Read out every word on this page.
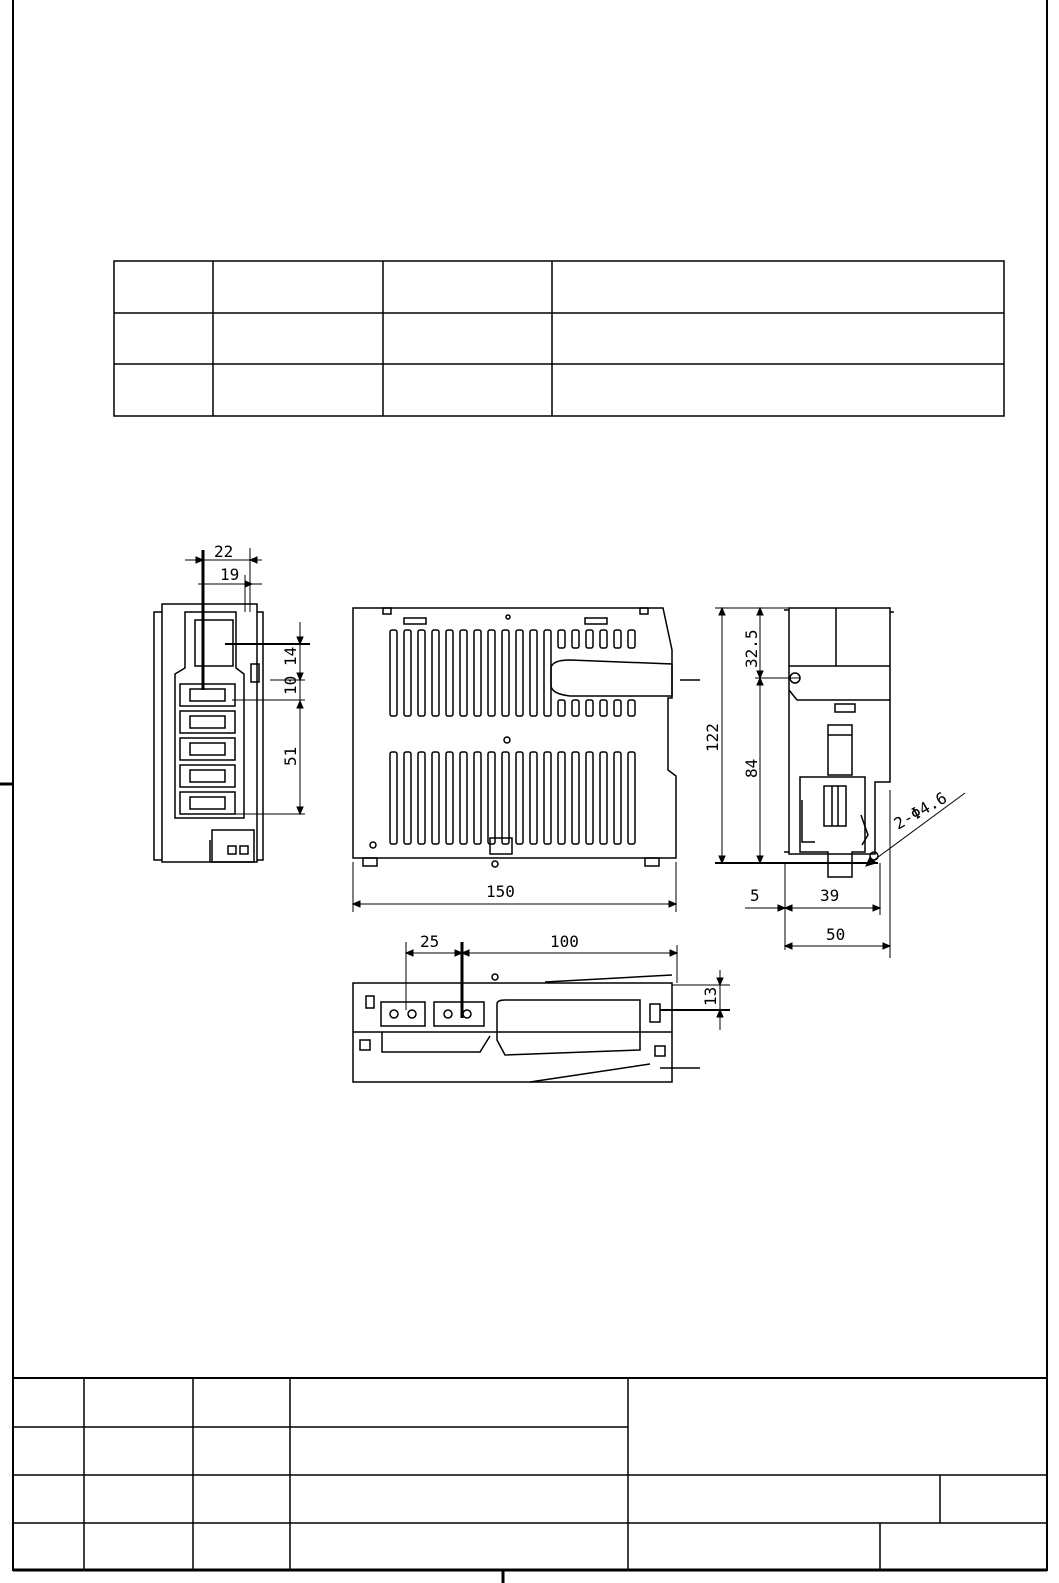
22
19
14
10
51
150
32.5
122
84
2-Φ4.6
5	39
50
25	100
13
